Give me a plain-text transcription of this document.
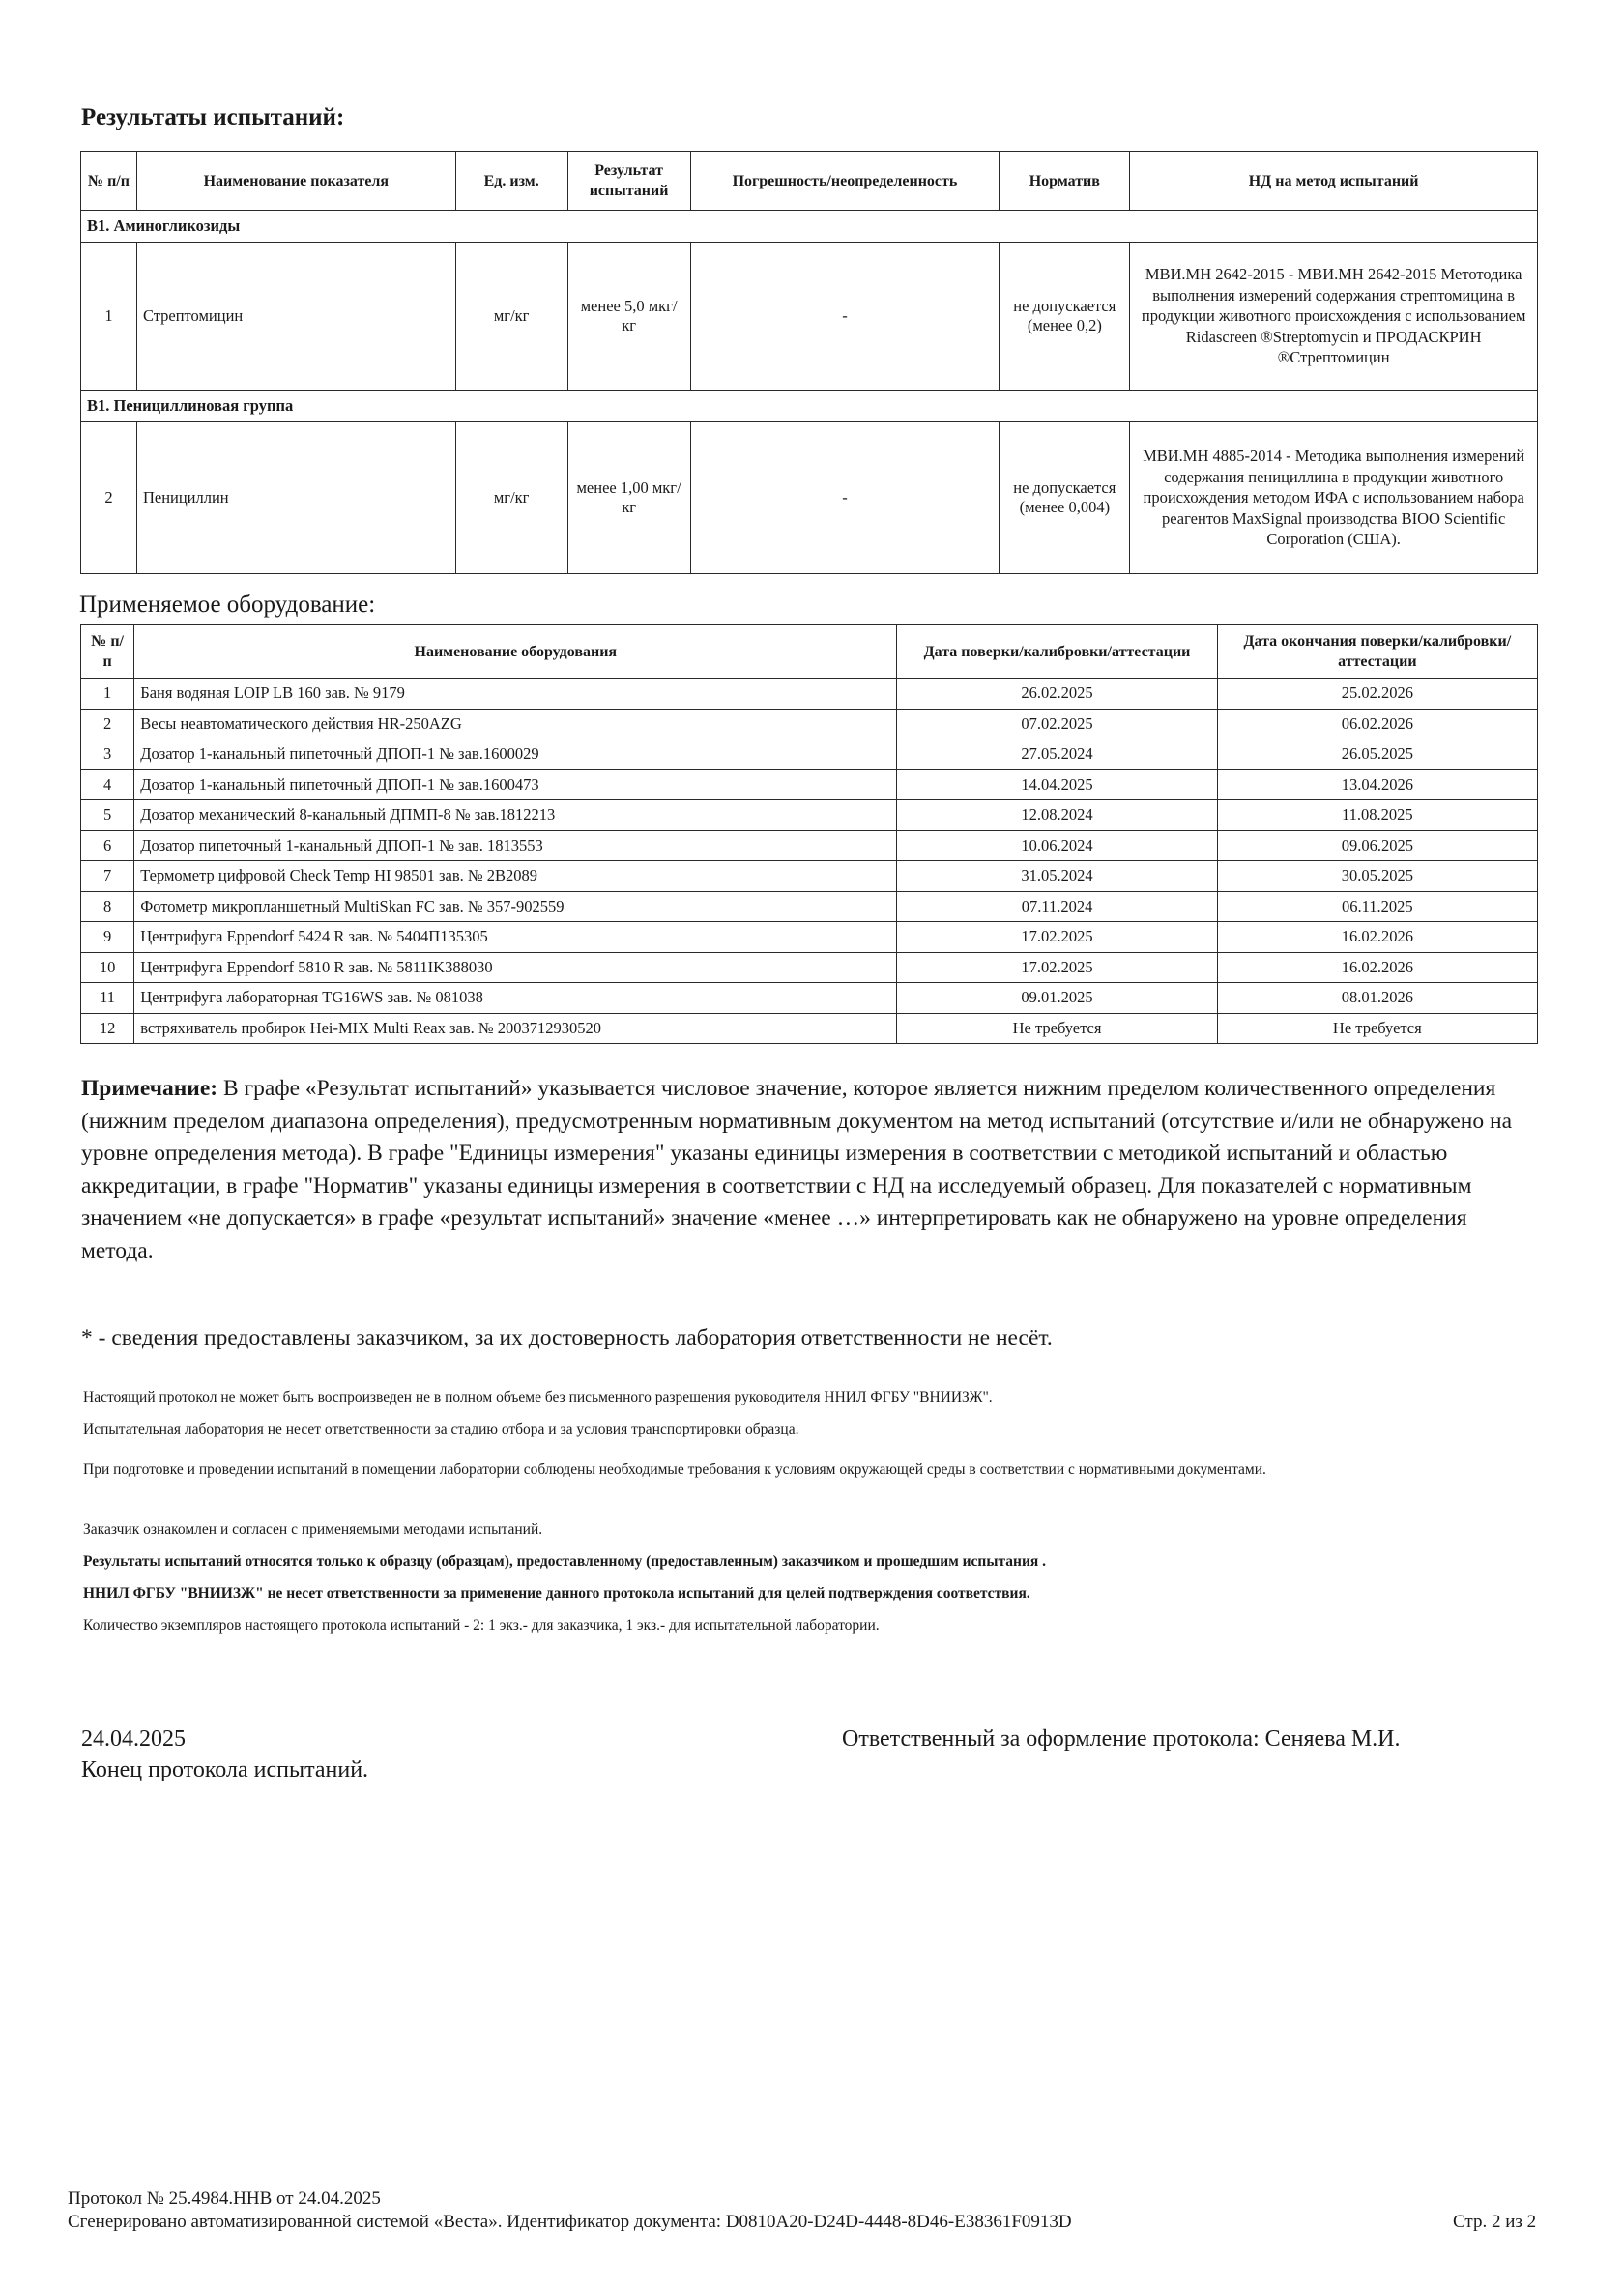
Результаты испытаний:
№ п/п	Наименование показателя	Ед. изм.	Результат испытаний	Погрешность/неопределенность	Норматив	НД на метод испытаний
В1. Аминогликозиды						
1	Стрептомицин	мг/кг	менее 5,0 мкг/кг	-	не допускается (менее 0,2)	МВИ.МН 2642-2015 - МВИ.МН 2642-2015 Метотодика выполнения измерений содержания стрептомицина в продукции животного происхождения с использованием Ridascreen ®Streptomycin и ПРОДАСКРИН ®Стрептомицин
В1. Пенициллиновая группа						
2	Пенициллин	мг/кг	менее 1,00 мкг/кг	-	не допускается (менее 0,004)	МВИ.МН 4885-2014 - Методика выполнения измерений содержания пенициллина в продукции животного происхождения методом ИФА с использованием набора реагентов MaxSignal производства BIOO Scientific Corporation (США).
Применяемое оборудование:
№ п/п	Наименование оборудования	Дата поверки/калибровки/аттестации	Дата окончания поверки/калибровки/аттестации
1	Баня водяная LOIP LB 160 зав. № 9179	26.02.2025	25.02.2026
2	Весы неавтоматического действия HR-250AZG	07.02.2025	06.02.2026
3	Дозатор 1-канальный пипеточный ДПОП-1 № зав.1600029	27.05.2024	26.05.2025
4	Дозатор 1-канальный пипеточный ДПОП-1 № зав.1600473	14.04.2025	13.04.2026
5	Дозатор механический 8-канальный ДПМП-8 № зав.1812213	12.08.2024	11.08.2025
6	Дозатор пипеточный 1-канальный ДПОП-1 № зав. 1813553	10.06.2024	09.06.2025
7	Термометр цифровой Check Temp HI 98501 зав. № 2B2089	31.05.2024	30.05.2025
8	Фотометр микропланшетный MultiSkan FC зав. № 357-902559	07.11.2024	06.11.2025
9	Центрифуга Eppendorf 5424 R зав. № 5404П135305	17.02.2025	16.02.2026
10	Центрифуга Eppendorf 5810 R зав. № 5811IK388030	17.02.2025	16.02.2026
11	Центрифуга лабораторная TG16WS зав. № 081038	09.01.2025	08.01.2026
12	встряхиватель пробирок Hei-MIX Multi Reax зав. № 2003712930520	Не требуется	Не требуется
Примечание: В графе «Результат испытаний» указывается числовое значение, которое является нижним пределом количественного определения (нижним пределом диапазона определения), предусмотренным нормативным документом на метод испытаний (отсутствие и/или не обнаружено на уровне определения метода). В графе "Единицы измерения" указаны единицы измерения в соответствии с методикой испытаний и областью аккредитации, в графе "Норматив" указаны единицы измерения в соответствии с НД на исследуемый образец. Для показателей с нормативным значением «не допускается» в графе «результат испытаний» значение «менее …» интерпретировать как не обнаружено на уровне определения метода.
* - сведения предоставлены заказчиком, за их достоверность лаборатория ответственности не несёт.
Настоящий протокол не может быть воспроизведен не в полном объеме без письменного разрешения руководителя ННИЛ ФГБУ "ВНИИЗЖ".
Испытательная лаборатория не несет ответственности за стадию отбора и за условия транспортировки образца.
При подготовке и проведении испытаний в помещении лаборатории соблюдены необходимые требования к условиям окружающей среды в соответствии с нормативными документами.
Заказчик ознакомлен и согласен с применяемыми методами испытаний.
Результаты испытаний относятся только к образцу (образцам), предоставленному (предоставленным) заказчиком и прошедшим испытания .
ННИЛ ФГБУ "ВНИИЗЖ" не несет ответственности за применение данного протокола испытаний для целей подтверждения соответствия.
Количество экземпляров настоящего протокола испытаний - 2: 1 экз.- для заказчика, 1 экз.- для испытательной лаборатории.
24.04.2025
Конец протокола испытаний.
Ответственный за оформление протокола: Сеняева М.И.
Протокол № 25.4984.ННВ от 24.04.2025
Сгенерировано автоматизированной системой «Веста». Идентификатор документа: D0810A20-D24D-4448-8D46-E38361F0913D	Стр. 2 из 2
